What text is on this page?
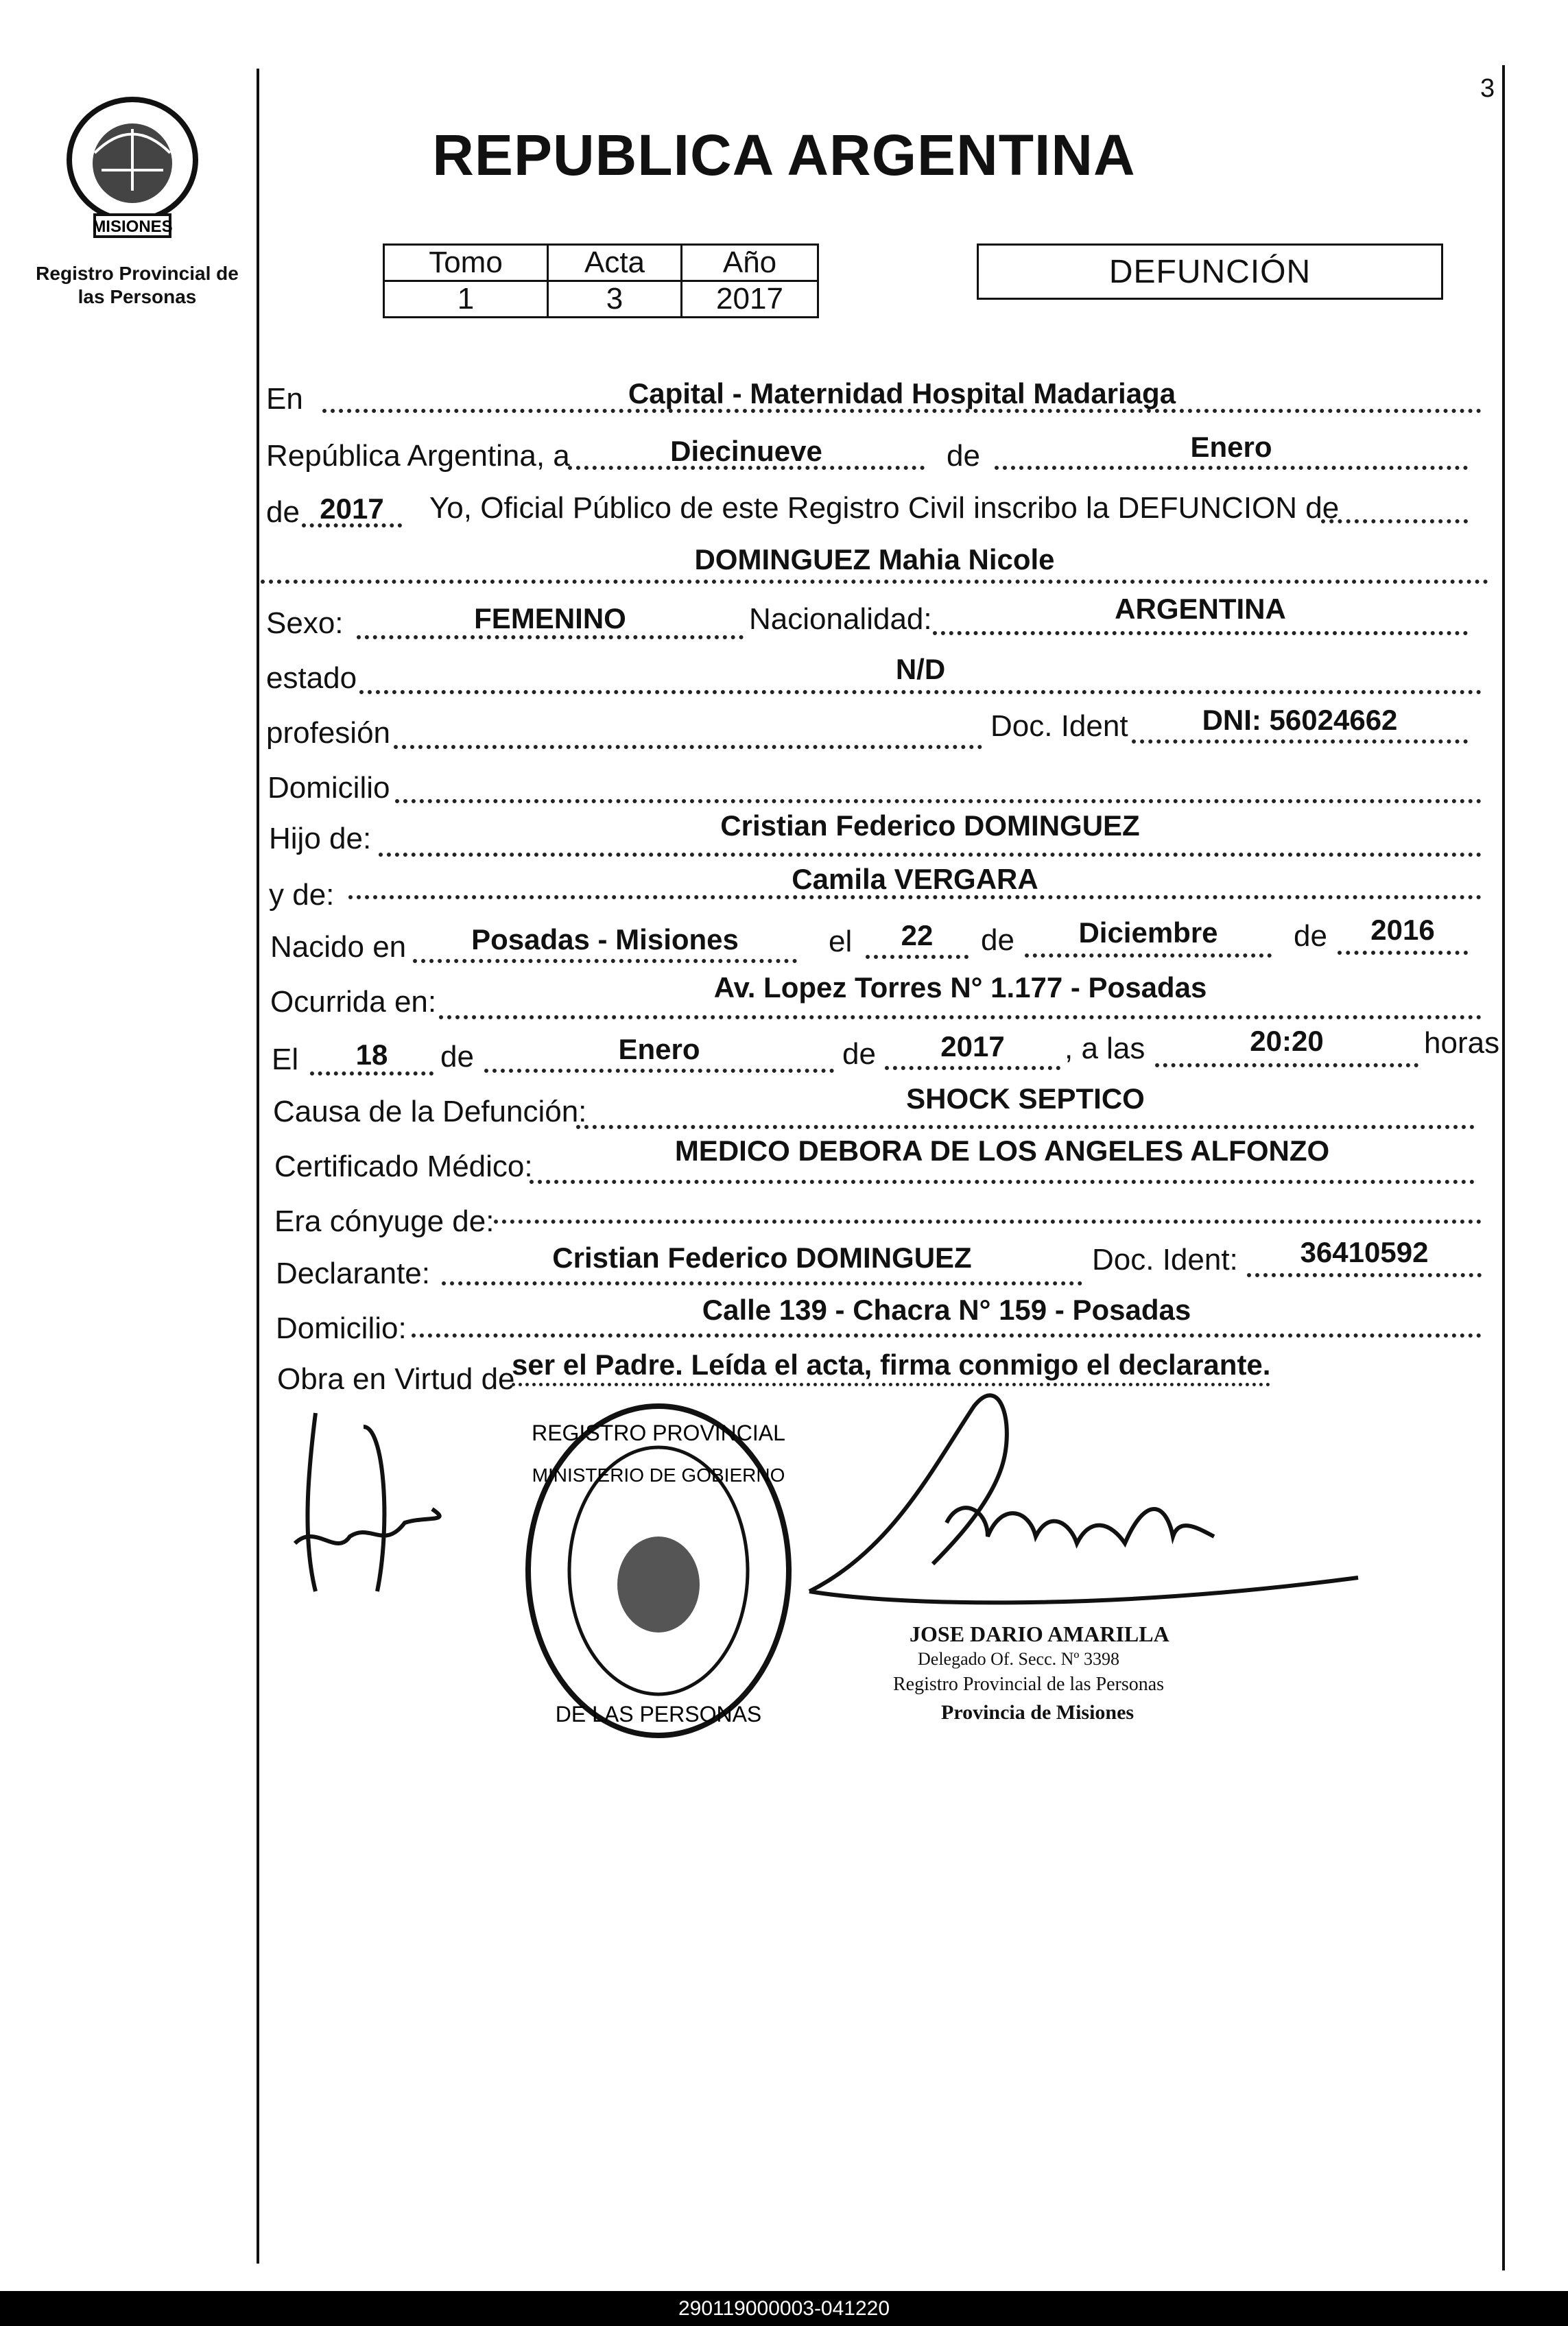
3
MISIONES
Registro Provincial de
las Personas
REPUBLICA ARGENTINA
Tomo	Acta	Año
1	3	2017
DEFUNCIÓN
En	Capital - Maternidad Hospital Madariaga
República Argentina, a	Diecinueve	de	Enero
de 2017	Yo, Oficial Público de este Registro Civil inscribo la DEFUNCION de
DOMINGUEZ Mahia Nicole
Sexo:	FEMENINO	Nacionalidad:	ARGENTINA
estado	N/D
profesión	Doc. Ident	DNI: 56024662
Domicilio
Hijo de:	Cristian Federico DOMINGUEZ
y de:	Camila VERGARA
Nacido en	Posadas - Misiones	el	22	de	Diciembre	de	2016
Ocurrida en:	Av. Lopez Torres N° 1.177 - Posadas
El	18	de	Enero	de	2017	, a las	20:20	horas
Causa de la Defunción:	SHOCK SEPTICO
Certificado Médico:	MEDICO DEBORA DE LOS ANGELES ALFONZO
Era cónyuge de:
Declarante:	Cristian Federico DOMINGUEZ	Doc. Ident:	36410592
Domicilio:
Calle 139 - Chacra N° 159 - Posadas
Obra en Virtud de
ser el Padre. Leída el acta, firma conmigo el declarante.
REGISTRO PROVINCIAL
MINISTERIO DE GOBIERNO
DE LAS PERSONAS
JOSE DARIO AMARILLA
Delegado Of. Secc. Nº 3398
Registro Provincial de las Personas
Provincia de Misiones
290119000003-041220
